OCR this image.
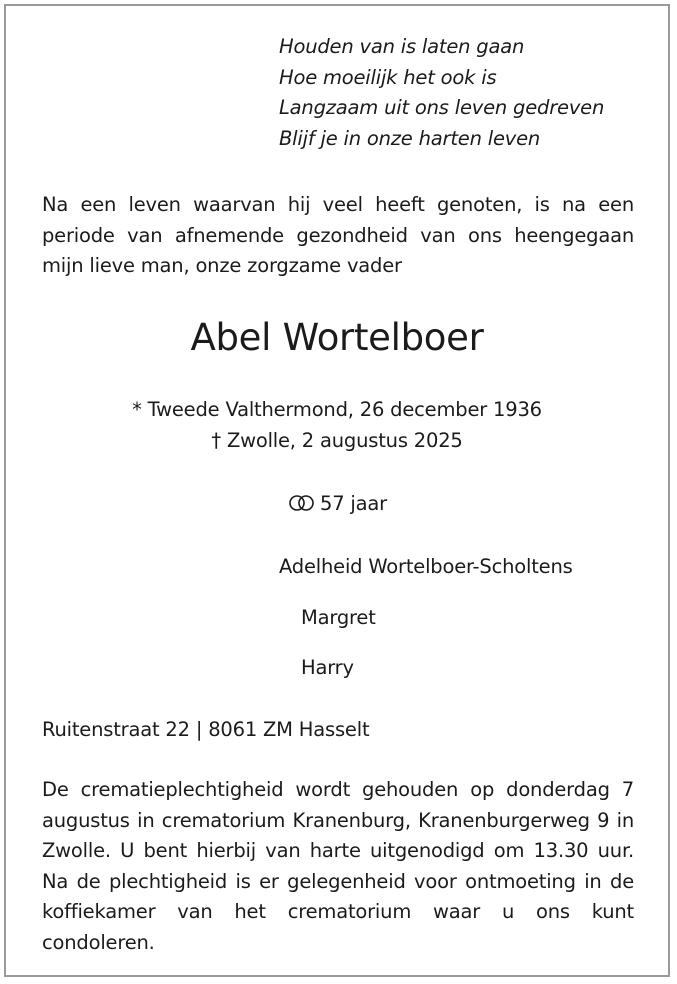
Houden van is laten gaan
Hoe moeilijk het ook is
Langzaam uit ons leven gedreven
Blijf je in onze harten leven
Na een leven waarvan hij veel heeft genoten, is na een periode van afnemende gezondheid van ons heengegaan mijn lieve man, onze zorgzame vader
Abel Wortelboer
* Tweede Valthermond, 26 december 1936
† Zwolle, 2 augustus 2025
57 jaar
Adelheid Wortelboer-Scholtens
Margret
Harry
Ruitenstraat 22 | 8061 ZM Hasselt
De crematieplechtigheid wordt gehouden op donderdag 7 augustus in crematorium Kranenburg, Kranenburgerweg 9 in Zwolle. U bent hierbij van harte uitgenodigd om 13.30 uur. Na de plechtigheid is er gelegenheid voor ontmoeting in de koffiekamer van het crematorium waar u ons kunt condoleren.
